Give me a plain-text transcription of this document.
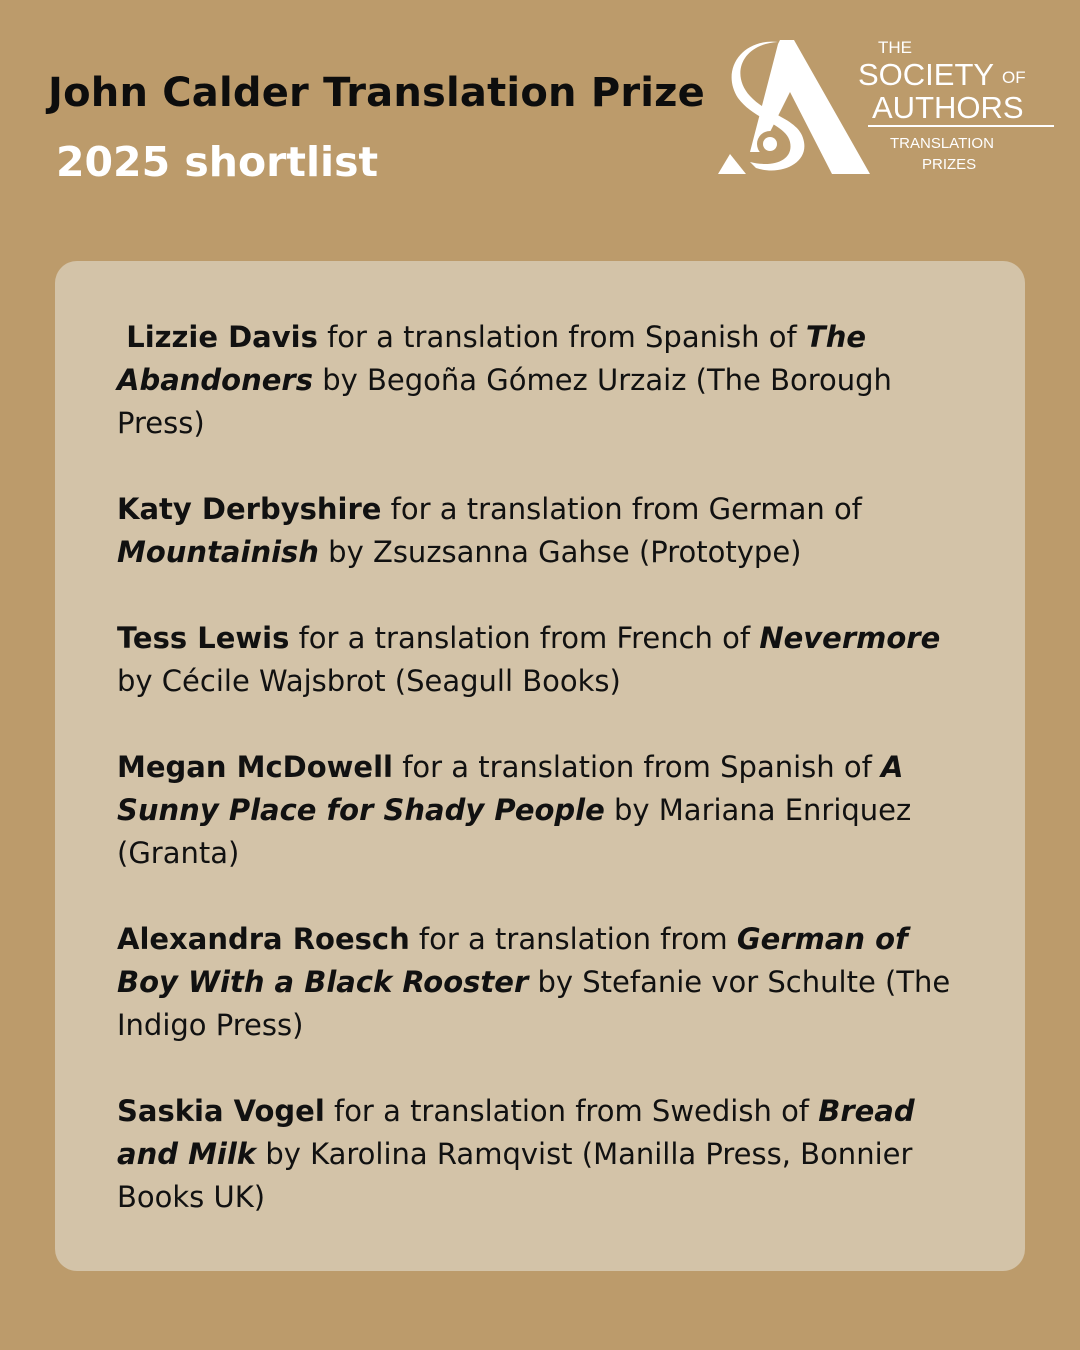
John Calder Translation Prize
2025 shortlist
THE
SOCIETY OF
AUTHORS
TRANSLATION
PRIZES
Lizzie Davis for a translation from Spanish of The Abandoners by Begoña Gómez Urzaiz (The Borough Press)
Katy Derbyshire for a translation from German of Mountainish by Zsuzsanna Gahse (Prototype)
Tess Lewis for a translation from French of Nevermore by Cécile Wajsbrot (Seagull Books)
Megan McDowell for a translation from Spanish of A Sunny Place for Shady People by Mariana Enriquez (Granta)
Alexandra Roesch for a translation from German of Boy With a Black Rooster by Stefanie vor Schulte (The Indigo Press)
Saskia Vogel for a translation from Swedish of Bread and Milk by Karolina Ramqvist (Manilla Press, Bonnier Books UK)
